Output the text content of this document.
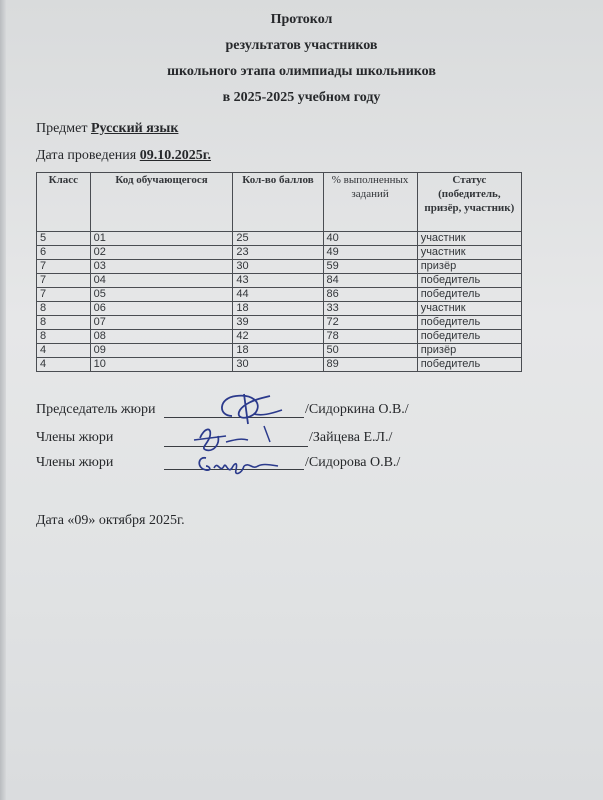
Протокол
результатов участников
школьного этапа олимпиады школьников
в 2025-2025 учебном году
Предмет Русский язык
Дата проведения 09.10.2025г.
Класс	Код обучающегося	Кол-во баллов	% выполненных заданий	Статус (победитель, призёр, участник)
5	01	25	40	участник
6	02	23	49	участник
7	03	30	59	призёр
7	04	43	84	победитель
7	05	44	86	победитель
8	06	18	33	участник
8	07	39	72	победитель
8	08	42	78	победитель
4	09	18	50	призёр
4	10	30	89	победитель
Председатель жюри	/Сидоркина О.В./
Члены жюри	/Зайцева Е.Л./
Члены жюри	/Сидорова О.В./
Дата «09» октября 2025г.
